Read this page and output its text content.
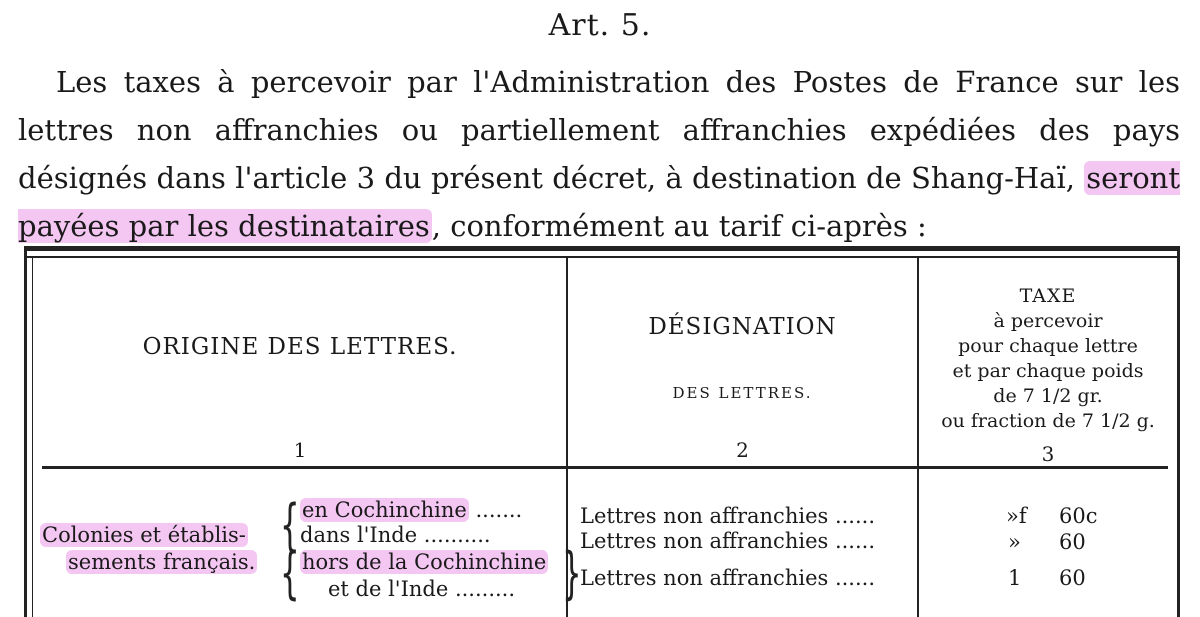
Art. 5.
Les taxes à percevoir par l'Administration des Postes de France sur les lettres non affranchies ou partiellement affranchies expédiées des pays désignés dans l'article 3 du présent décret, à destination de Shang-Haï, seront payées par les destinataires, conformément au tarif ci-après :
ORIGINE DES LETTRES.
DÉSIGNATION
DES LETTRES.
TAXE
à percevoir
pour chaque lettre
et par chaque poids
de 7 1/2 gr.
ou fraction de 7 1/2 g.
1	2	3
Colonies et établis-
sements français.
{
{
en Cochinchine .......
dans l'Inde ..........
hors de la Cochinchine
et de l'Inde ......... }
Lettres non affranchies ......
Lettres non affranchies ......
Lettres non affranchies ......
»f 60c
» 60
1 60
